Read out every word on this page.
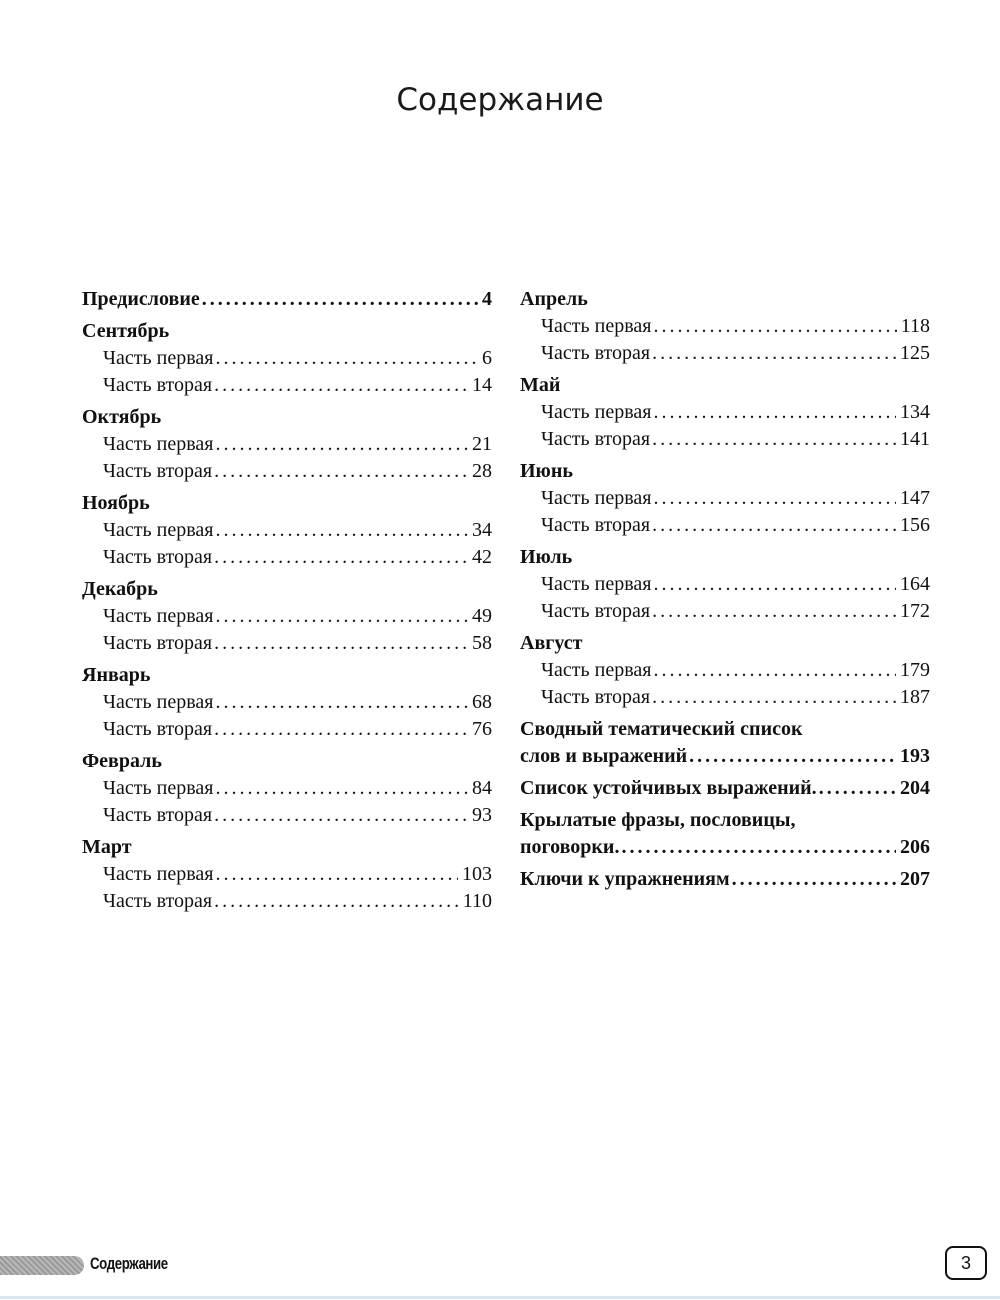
Содержание
Предисловие . . .	4
Сентябрь
Часть первая . . .	6
Часть вторая . . .	14
Октябрь
Часть первая . . .	21
Часть вторая . . .	28
Ноябрь
Часть первая . . .	34
Часть вторая . . .	42
Декабрь
Часть первая . . .	49
Часть вторая . . .	58
Январь
Часть первая . . .	68
Часть вторая . . .	76
Февраль
Часть первая . . .	84
Часть вторая . . .	93
Март
Часть первая . . .	103
Часть вторая . . .	110
Апрель
Часть первая . . .	118
Часть вторая . . .	125
Май
Часть первая . . .	134
Часть вторая . . .	141
Июнь
Часть первая . . .	147
Часть вторая . . .	156
Июль
Часть первая . . .	164
Часть вторая . . .	172
Август
Часть первая . . .	179
Часть вторая . . .	187
Сводный тематический список
слов и выражений . . .	193
Список устойчивых выражений. . . .	204
Крылатые фразы, пословицы,
поговорки. . . .	206
Ключи к упражнениям . . .	207
Содержание	3
